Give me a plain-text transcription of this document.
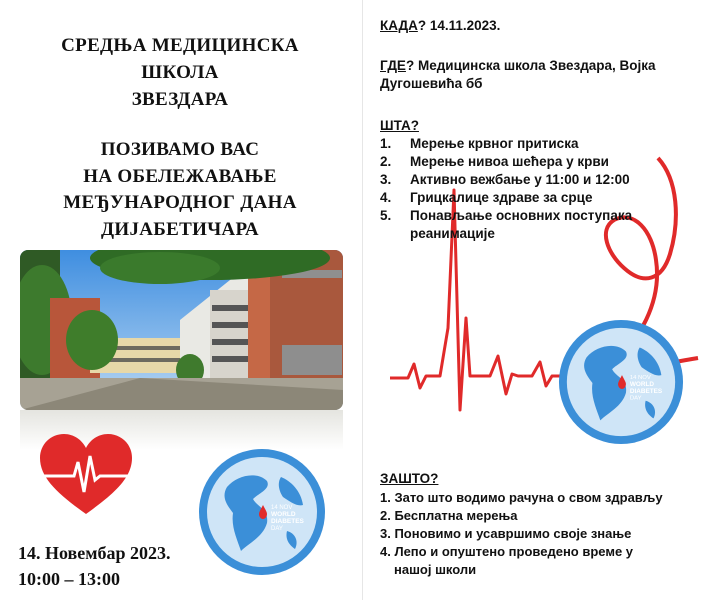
СРЕДЊА МЕДИЦИНСКА
ШКОЛА
ЗВЕЗДАРА
ПОЗИВАМО ВАС
НА ОБЕЛЕЖАВАЊЕ
МЕЂУНАРОДНОГ ДАНА
ДИЈАБЕТИЧАРА
14 NOV
WORLD
DIABETES
DAY
14. Новембар 2023.
10:00 – 13:00
КАДА? 14.11.2023.
ГДЕ? Медицинска школа Звездара, Војка
Дугошевића бб
ШТА?
1.	Мерење крвног притиска
2.	Мерење нивоа шећера у крви
3.	Активно вежбање у 11:00 и 12:00
4.	Грицкалице здраве за срце
5.	Понављање основних поступака
реанимације
14 NOV
WORLD
DIABETES
DAY
ЗАШТО?
1. Зато што водимо рачуна о свом здрављу
2. Бесплатна мерења
3. Поновимо и усавршимо своје знање
4. Лепо и опуштено проведено време у
нашој школи
